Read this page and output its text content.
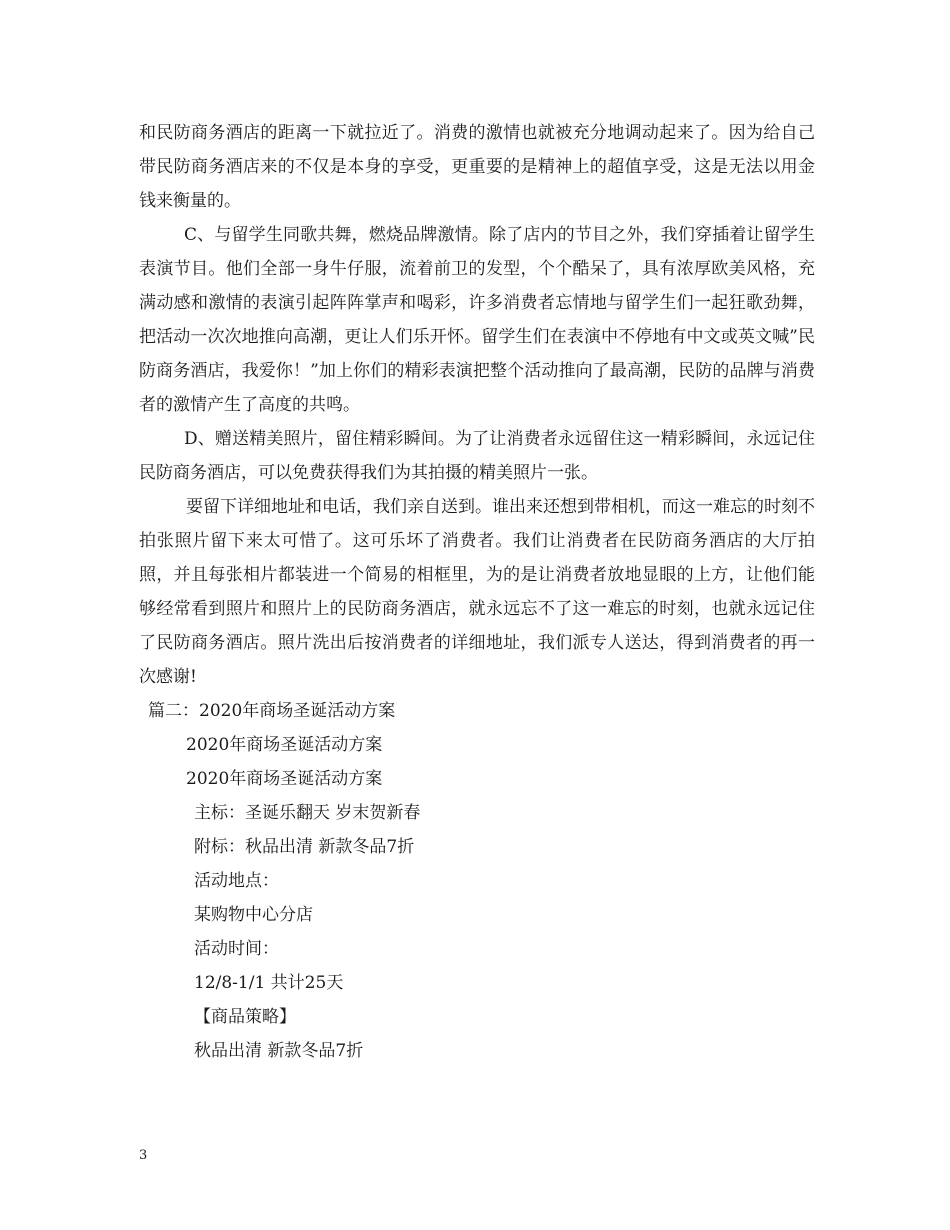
和民防商务酒店的距离一下就拉近了。消费的激情也就被充分地调动起来了。因为给自己带民防商务酒店来的不仅是本身的享受，更重要的是精神上的超值享受，这是无法以用金钱来衡量的。

C、与留学生同歌共舞，燃烧品牌激情。除了店内的节目之外，我们穿插着让留学生表演节目。他们全部一身牛仔服，流着前卫的发型，个个酷呆了，具有浓厚欧美风格，充满动感和激情的表演引起阵阵掌声和喝彩，许多消费者忘情地与留学生们一起狂歌劲舞，把活动一次次地推向高潮，更让人们乐开怀。留学生们在表演中不停地有中文或英文喊”民防商务酒店，我爱你！”加上你们的精彩表演把整个活动推向了最高潮，民防的品牌与消费者的激情产生了高度的共鸣。

D、赠送精美照片，留住精彩瞬间。为了让消费者永远留住这一精彩瞬间，永远记住民防商务酒店，可以免费获得我们为其拍摄的精美照片一张。

要留下详细地址和电话，我们亲自送到。谁出来还想到带相机，而这一难忘的时刻不拍张照片留下来太可惜了。这可乐坏了消费者。我们让消费者在民防商务酒店的大厅拍照，并且每张相片都装进一个简易的相框里，为的是让消费者放地显眼的上方，让他们能够经常看到照片和照片上的民防商务酒店，就永远忘不了这一难忘的时刻，也就永远记住了民防商务酒店。照片洗出后按消费者的详细地址，我们派专人送达，得到消费者的再一次感谢!

篇二：2020年商场圣诞活动方案

2020年商场圣诞活动方案

2020年商场圣诞活动方案

主标：圣诞乐翻天 岁末贺新春

附标：秋品出清 新款冬品7折

活动地点：

某购物中心分店

活动时间：

12/8-1/1 共计25天

【商品策略】

秋品出清 新款冬品7折

3
